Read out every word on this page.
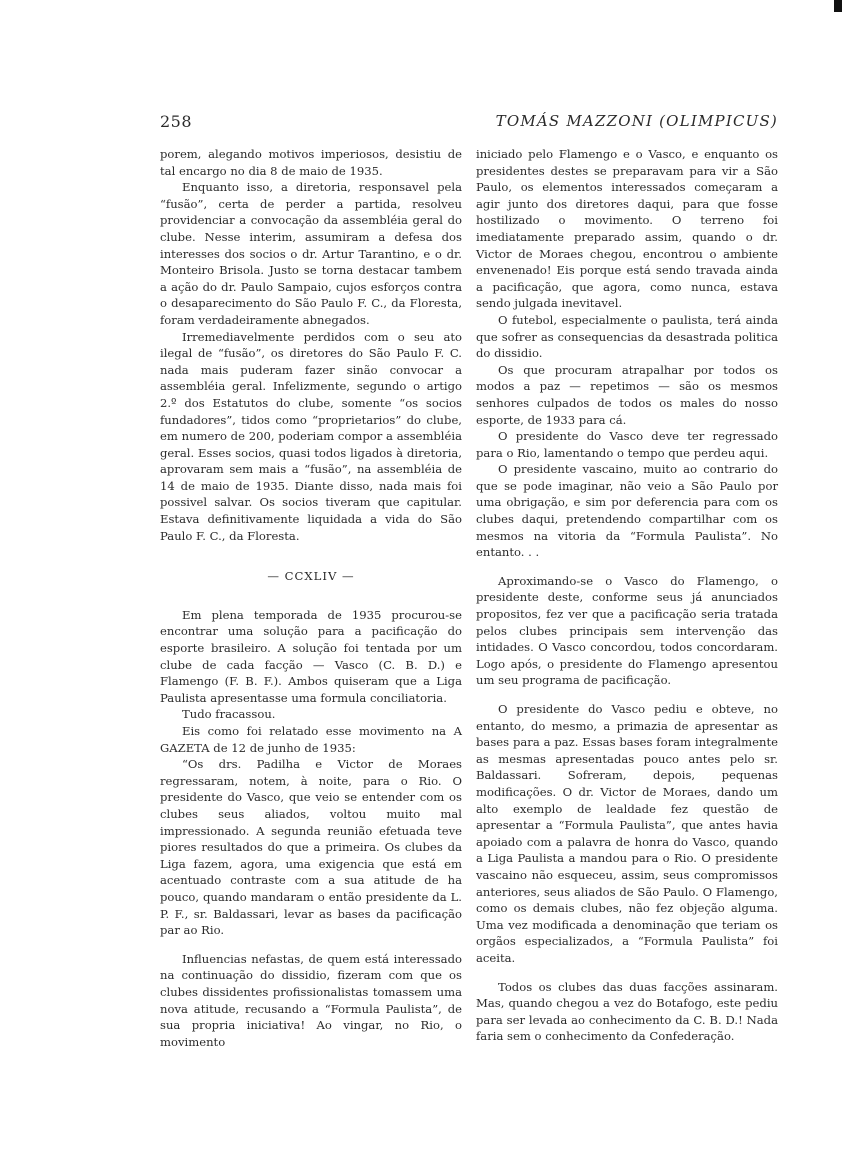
258	TOMÁS MAZZONI (OLIMPICUS)

porem, alegando motivos imperiosos, desistiu de tal encargo no dia 8 de maio de 1935.

Enquanto isso, a diretoria, responsavel pela “fusão”, certa de perder a partida, resolveu providenciar a convocação da assembléia geral do clube. Nesse interim, assumiram a defesa dos interesses dos socios o dr. Artur Tarantino, e o dr. Monteiro Brisola. Justo se torna destacar tambem a ação do dr. Paulo Sampaio, cujos esforços contra o desaparecimento do São Paulo F. C., da Floresta, foram verdadeiramente abnegados.

Irremediavelmente perdidos com o seu ato ilegal de “fusão”, os diretores do São Paulo F. C. nada mais puderam fazer sinão convocar a assembléia geral. Infelizmente, segundo o artigo 2.º dos Estatutos do clube, somente “os socios fundadores”, tidos como “proprietarios” do clube, em numero de 200, poderiam compor a assembléia geral. Esses socios, quasi todos ligados à diretoria, aprovaram sem mais a “fusão”, na assembléia de 14 de maio de 1935. Diante disso, nada mais foi possivel salvar. Os socios tiveram que capitular. Estava definitivamente liquidada a vida do São Paulo F. C., da Floresta.

— CCXLIV —

Em plena temporada de 1935 procurou-se encontrar uma solução para a pacificação do esporte brasileiro. A solução foi tentada por um clube de cada facção — Vasco (C. B. D.) e Flamengo (F. B. F.). Ambos quiseram que a Liga Paulista apresentasse uma formula conciliatoria.

Tudo fracassou.

Eis como foi relatado esse movimento na A GAZETA de 12 de junho de 1935:

“Os drs. Padilha e Victor de Moraes regressaram, notem, à noite, para o Rio. O presidente do Vasco, que veio se entender com os clubes seus aliados, voltou muito mal impressionado. A segunda reunião efetuada teve piores resultados do que a primeira. Os clubes da Liga fazem, agora, uma exigencia que está em acentuado contraste com a sua atitude de ha pouco, quando mandaram o então presidente da L. P. F., sr. Baldassari, levar as bases da pacificação par ao Rio.

Influencias nefastas, de quem está interessado na continuação do dissidio, fizeram com que os clubes dissidentes profissionalistas tomassem uma nova atitude, recusando a “Formula Paulista”, de sua propria iniciativa! Ao vingar, no Rio, o movimento

iniciado pelo Flamengo e o Vasco, e enquanto os presidentes destes se preparavam para vir a São Paulo, os elementos interessados começaram a agir junto dos diretores daqui, para que fosse hostilizado o movimento. O terreno foi imediatamente preparado assim, quando o dr. Victor de Moraes chegou, encontrou o ambiente envenenado! Eis porque está sendo travada ainda a pacificação, que agora, como nunca, estava sendo julgada inevitavel.

O futebol, especialmente o paulista, terá ainda que sofrer as consequencias da desastrada politica do dissidio.

Os que procuram atrapalhar por todos os modos a paz — repetimos — são os mesmos senhores culpados de todos os males do nosso esporte, de 1933 para cá.

O presidente do Vasco deve ter regressado para o Rio, lamentando o tempo que perdeu aqui.

O presidente vascaino, muito ao contrario do que se pode imaginar, não veio a São Paulo por uma obrigação, e sim por deferencia para com os clubes daqui, pretendendo compartilhar com os mesmos na vitoria da “Formula Paulista”. No entanto. . .

Aproximando-se o Vasco do Flamengo, o presidente deste, conforme seus já anunciados propositos, fez ver que a pacificação seria tratada pelos clubes principais sem intervenção das intidades. O Vasco concordou, todos concordaram. Logo após, o presidente do Flamengo apresentou um seu programa de pacificação.

O presidente do Vasco pediu e obteve, no entanto, do mesmo, a primazia de apresentar as bases para a paz. Essas bases foram integralmente as mesmas apresentadas pouco antes pelo sr. Baldassari. Sofreram, depois, pequenas modificações. O dr. Victor de Moraes, dando um alto exemplo de lealdade fez questão de apresentar a “Formula Paulista”, que antes havia apoiado com a palavra de honra do Vasco, quando a Liga Paulista a mandou para o Rio. O presidente vascaino não esqueceu, assim, seus compromissos anteriores, seus aliados de São Paulo. O Flamengo, como os demais clubes, não fez objeção alguma. Uma vez modificada a denominação que teriam os orgãos especializados, a “Formula Paulista” foi aceita.

Todos os clubes das duas facções assinaram. Mas, quando chegou a vez do Botafogo, este pediu para ser levada ao conhecimento da C. B. D.! Nada faria sem o conhecimento da Confederação.
